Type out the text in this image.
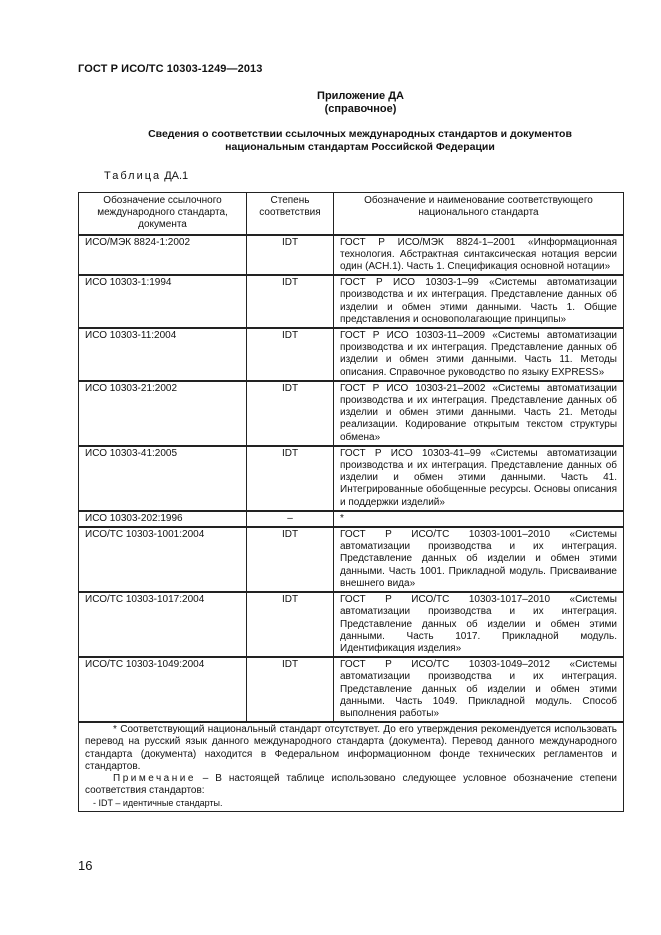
ГОСТ Р ИСО/ТС 10303-1249—2013
Приложение ДА
(справочное)
Сведения о соответствии ссылочных международных стандартов и документов
национальным стандартам Российской Федерации
Таблица ДА.1
Обозначение ссылочного международного стандарта, документа	Степень соответствия	Обозначение и наименование соответствующего национального стандарта
ИСО/МЭК 8824-1:2002	IDT	ГОСТ Р ИСО/МЭК 8824-1–2001 «Информационная технология. Абстрактная синтаксическая нотация версии один (АСН.1). Часть 1. Спецификация основной нотации»
ИСО 10303-1:1994	IDT	ГОСТ Р ИСО 10303-1–99 «Системы автоматизации производства и их интеграция. Представление данных об изделии и обмен этими данными. Часть 1. Общие представления и основополагающие принципы»
ИСО 10303-11:2004	IDT	ГОСТ Р ИСО 10303-11–2009 «Системы автоматизации производства и их интеграция. Представление данных об изделии и обмен этими данными. Часть 11. Методы описания. Справочное руководство по языку EXPRESS»
ИСО 10303-21:2002	IDT	ГОСТ Р ИСО 10303-21–2002 «Системы автоматизации производства и их интеграция. Представление данных об изделии и обмен этими данными. Часть 21. Методы реализации. Кодирование открытым текстом структуры обмена»
ИСО 10303-41:2005	IDT	ГОСТ Р ИСО 10303-41–99 «Системы автоматизации производства и их интеграция. Представление данных об изделии и обмен этими данными. Часть 41. Интегрированные обобщенные ресурсы. Основы описания и поддержки изделий»
ИСО 10303-202:1996	–	*
ИСО/ТС 10303-1001:2004	IDT	ГОСТ Р ИСО/ТС 10303-1001–2010 «Системы автоматизации производства и их интеграция. Представление данных об изделии и обмен этими данными. Часть 1001. Прикладной модуль. Присваивание внешнего вида»
ИСО/ТС 10303-1017:2004	IDT	ГОСТ Р ИСО/ТС 10303-1017–2010 «Системы автоматизации производства и их интеграция. Представление данных об изделии и обмен этими данными. Часть 1017. Прикладной модуль. Идентификация изделия»
ИСО/ТС 10303-1049:2004	IDT	ГОСТ Р ИСО/ТС 10303-1049–2012 «Системы автоматизации производства и их интеграция. Представление данных об изделии и обмен этими данными. Часть 1049. Прикладной модуль. Способ выполнения работы»

* Соответствующий национальный стандарт отсутствует. До его утверждения рекомендуется использовать перевод на русский язык данного международного стандарта (документа). Перевод данного международного стандарта (документа) находится в Федеральном информационном фонде технических регламентов и стандартов.

Примечание – В настоящей таблице использовано следующее условное обозначение степени соответствия стандартов:

- IDT – идентичные стандарты.		

16
